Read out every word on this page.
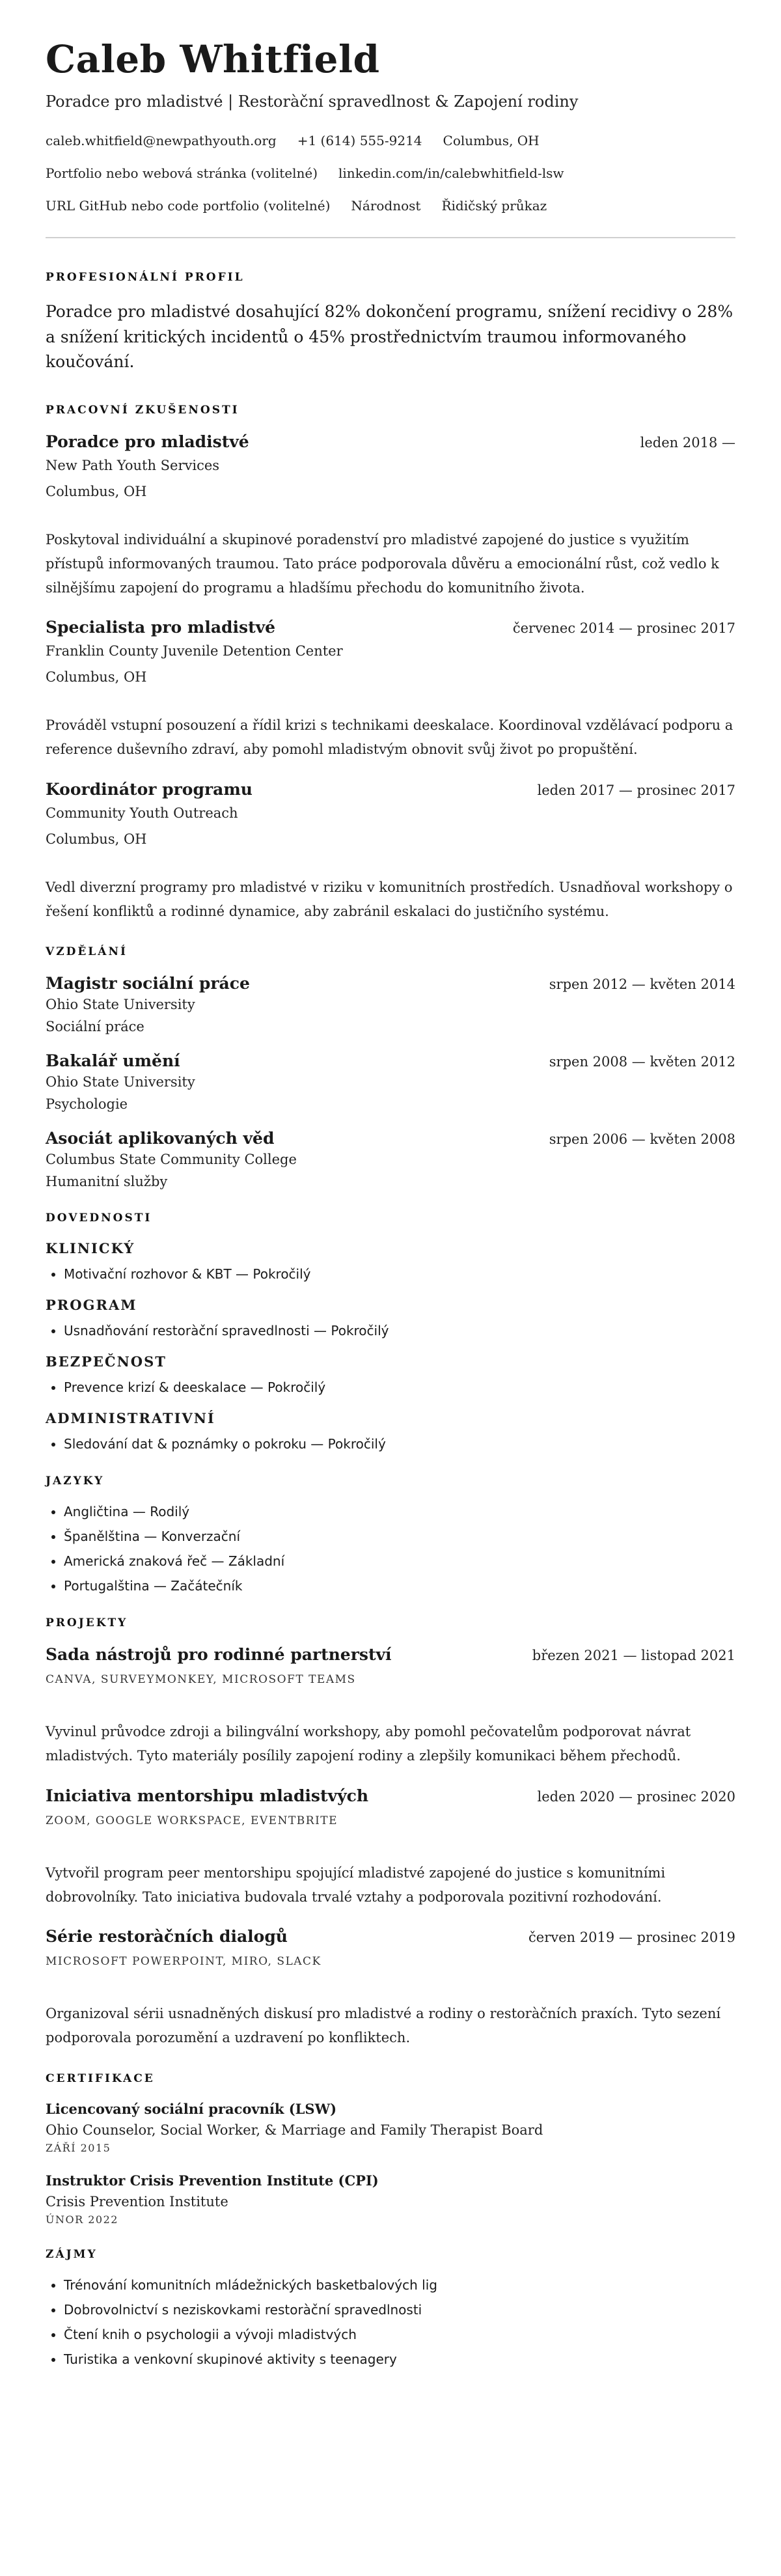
Caleb Whitfield
Poradce pro mladistvé | Restoràční spravedlnost & Zapojení rodiny
caleb.whitfield@newpathyouth.org +1 (614) 555-9214 Columbus, OH
Portfolio nebo webová stránka (volitelné) linkedin.com/in/calebwhitfield-lsw
URL GitHub nebo code portfolio (volitelné) Národnost Řidičský průkaz
PROFESIONÁLNÍ PROFIL

Poradce pro mladistvé dosahující 82% dokončení programu, snížení recidivy o 28% a snížení kritických incidentů o 45% prostřednictvím traumou informovaného koučování.

PRACOVNÍ ZKUŠENOSTI
Poradce pro mladistvé	leden 2018 —
New Path Youth Services
Columbus, OH
Poskytoval individuální a skupinové poradenství pro mladistvé zapojené do justice s využitím přístupů informovaných traumou. Tato práce podporovala důvěru a emocionální růst, což vedlo k silnějšímu zapojení do programu a hladšímu přechodu do komunitního života.
Specialista pro mladistvé	červenec 2014 — prosinec 2017
Franklin County Juvenile Detention Center
Columbus, OH
Prováděl vstupní posouzení a řídil krizi s technikami deeskalace. Koordinoval vzdělávací podporu a reference duševního zdraví, aby pomohl mladistvým obnovit svůj život po propuštění.
Koordinátor programu	leden 2017 — prosinec 2017
Community Youth Outreach
Columbus, OH
Vedl diverzní programy pro mladistvé v riziku v komunitních prostředích. Usnadňoval workshopy o řešení konfliktů a rodinné dynamice, aby zabránil eskalaci do justičního systému.
VZDĚLÁNÍ
Magistr sociální práce	srpen 2012 — květen 2014
Ohio State University
Sociální práce
Bakalář umění	srpen 2008 — květen 2012
Ohio State University
Psychologie
Asociát aplikovaných věd	srpen 2006 — květen 2008
Columbus State Community College
Humanitní služby
DOVEDNOSTI
KLINICKÝ
• Motivační rozhovor & KBT — Pokročilý
PROGRAM
• Usnadňování restoràční spravedlnosti — Pokročilý
BEZPEČNOST
• Prevence krizí & deeskalace — Pokročilý
ADMINISTRATIVNÍ
• Sledování dat & poznámky o pokroku — Pokročilý
JAZYKY
• Angličtina — Rodilý
• Španělština — Konverzační
• Americká znaková řeč — Základní
• Portugalština — Začátečník
PROJEKTY
Sada nástrojů pro rodinné partnerství	březen 2021 — listopad 2021
CANVA, SURVEYMONKEY, MICROSOFT TEAMS
Vyvinul průvodce zdroji a bilingvální workshopy, aby pomohl pečovatelům podporovat návrat mladistvých. Tyto materiály posílily zapojení rodiny a zlepšily komunikaci během přechodů.
Iniciativa mentorshipu mladistvých	leden 2020 — prosinec 2020
ZOOM, GOOGLE WORKSPACE, EVENTBRITE
Vytvořil program peer mentorshipu spojující mladistvé zapojené do justice s komunitními dobrovolníky. Tato iniciativa budovala trvalé vztahy a podporovala pozitivní rozhodování.
Série restoràčních dialogů	červen 2019 — prosinec 2019
MICROSOFT POWERPOINT, MIRO, SLACK
Organizoval sérii usnadněných diskusí pro mladistvé a rodiny o restoràčních praxích. Tyto sezení podporovala porozumění a uzdravení po konfliktech.
CERTIFIKACE
Licencovaný sociální pracovník (LSW)
Ohio Counselor, Social Worker, & Marriage and Family Therapist Board
ZÁŘÍ 2015
Instruktor Crisis Prevention Institute (CPI)
Crisis Prevention Institute
ÚNOR 2022
ZÁJMY
• Trénování komunitních mládežnických basketbalových lig
• Dobrovolnictví s neziskovkami restoràční spravedlnosti
• Čtení knih o psychologii a vývoji mladistvých
• Turistika a venkovní skupinové aktivity s teenagery
